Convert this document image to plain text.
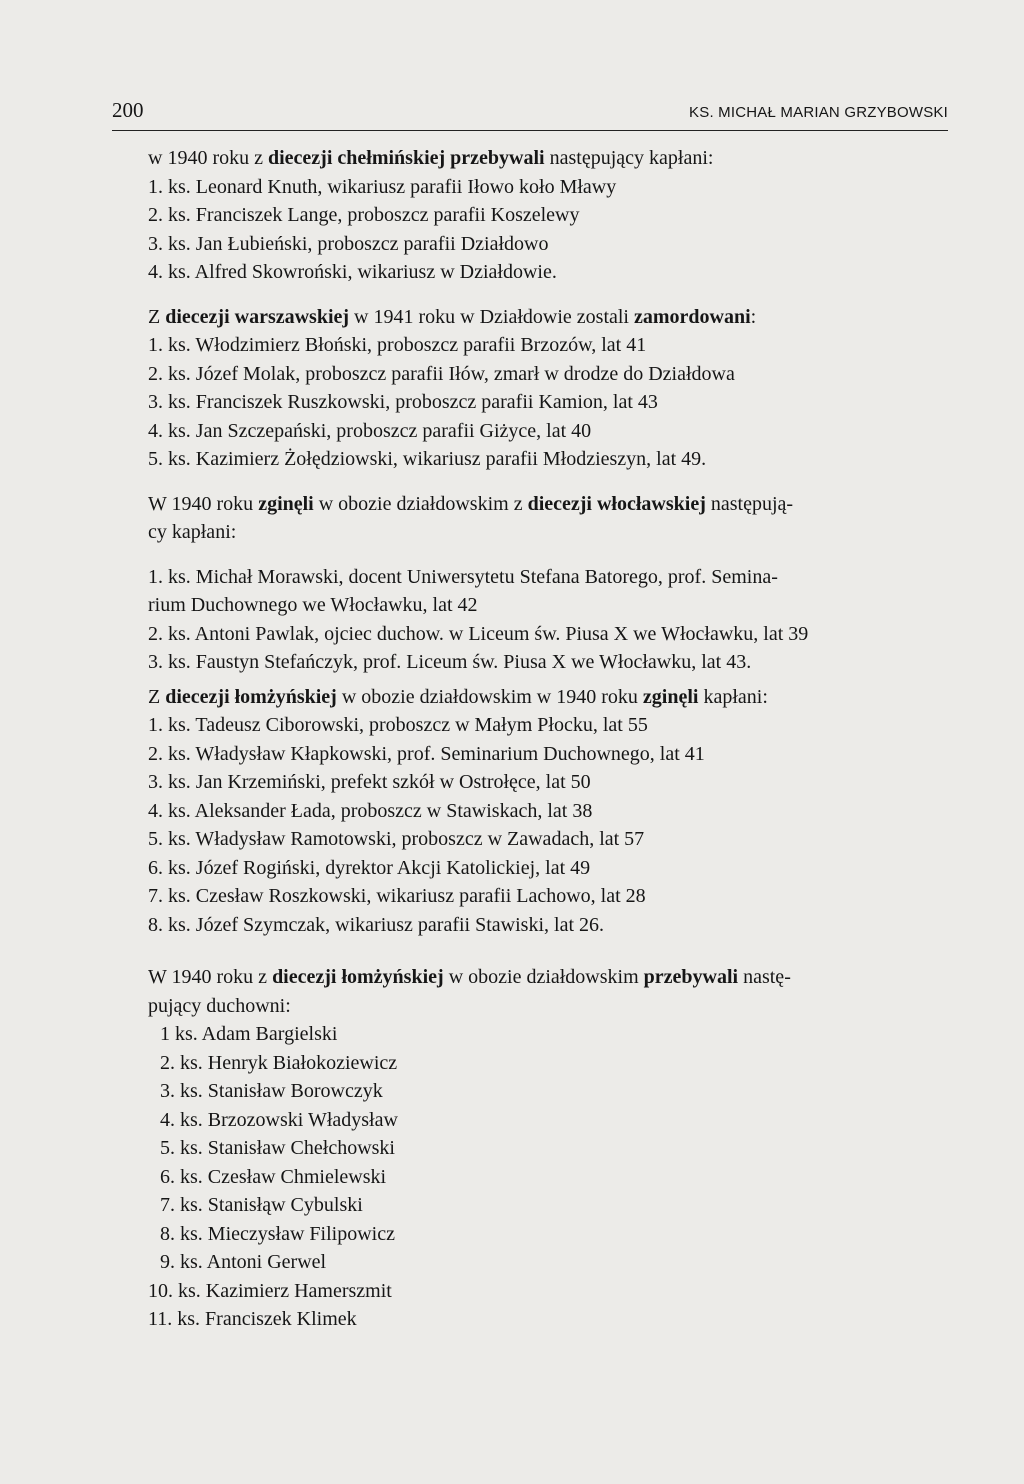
200	KS. MICHAŁ MARIAN GRZYBOWSKI

w 1940 roku z diecezji chełmińskiej przebywali następujący kapłani:

1. ks. Leonard Knuth, wikariusz parafii Iłowo koło Mławy
2. ks. Franciszek Lange, proboszcz parafii Koszelewy
3. ks. Jan Łubieński, proboszcz parafii Działdowo
4. ks. Alfred Skowroński, wikariusz w Działdowie.

Z diecezji warszawskiej w 1941 roku w Działdowie zostali zamordowani:

1. ks. Włodzimierz Błoński, proboszcz parafii Brzozów, lat 41
2. ks. Józef Molak, proboszcz parafii Iłów, zmarł w drodze do Działdowa
3. ks. Franciszek Ruszkowski, proboszcz parafii Kamion, lat 43
4. ks. Jan Szczepański, proboszcz parafii Giżyce, lat 40
5. ks. Kazimierz Żołędziowski, wikariusz parafii Młodzieszyn, lat 49.

W 1940 roku zginęli w obozie działdowskim z diecezji włocławskiej następują-

cy kapłani:

1. ks. Michał Morawski, docent Uniwersytetu Stefana Batorego, prof. Semina-
rium Duchownego we Włocławku, lat 42
2. ks. Antoni Pawlak, ojciec duchow. w Liceum św. Piusa X we Włocławku, lat 39
3. ks. Faustyn Stefańczyk, prof. Liceum św. Piusa X we Włocławku, lat 43.

Z diecezji łomżyńskiej w obozie działdowskim w 1940 roku zginęli kapłani:

1. ks. Tadeusz Ciborowski, proboszcz w Małym Płocku, lat 55
2. ks. Władysław Kłapkowski, prof. Seminarium Duchownego, lat 41
3. ks. Jan Krzemiński, prefekt szkół w Ostrołęce, lat 50
4. ks. Aleksander Łada, proboszcz w Stawiskach, lat 38
5. ks. Władysław Ramotowski, proboszcz w Zawadach, lat 57
6. ks. Józef Rogiński, dyrektor Akcji Katolickiej, lat 49
7. ks. Czesław Roszkowski, wikariusz parafii Lachowo, lat 28
8. ks. Józef Szymczak, wikariusz parafii Stawiski, lat 26.

W 1940 roku z diecezji łomżyńskiej w obozie działdowskim przebywali nastę-

pujący duchowni:

1 ks. Adam Bargielski
2. ks. Henryk Białokoziewicz
3. ks. Stanisław Borowczyk
4. ks. Brzozowski Władysław
5. ks. Stanisław Chełchowski
6. ks. Czesław Chmielewski
7. ks. Stanisłąw Cybulski
8. ks. Mieczysław Filipowicz
9. ks. Antoni Gerwel
10. ks. Kazimierz Hamerszmit
11. ks. Franciszek Klimek
